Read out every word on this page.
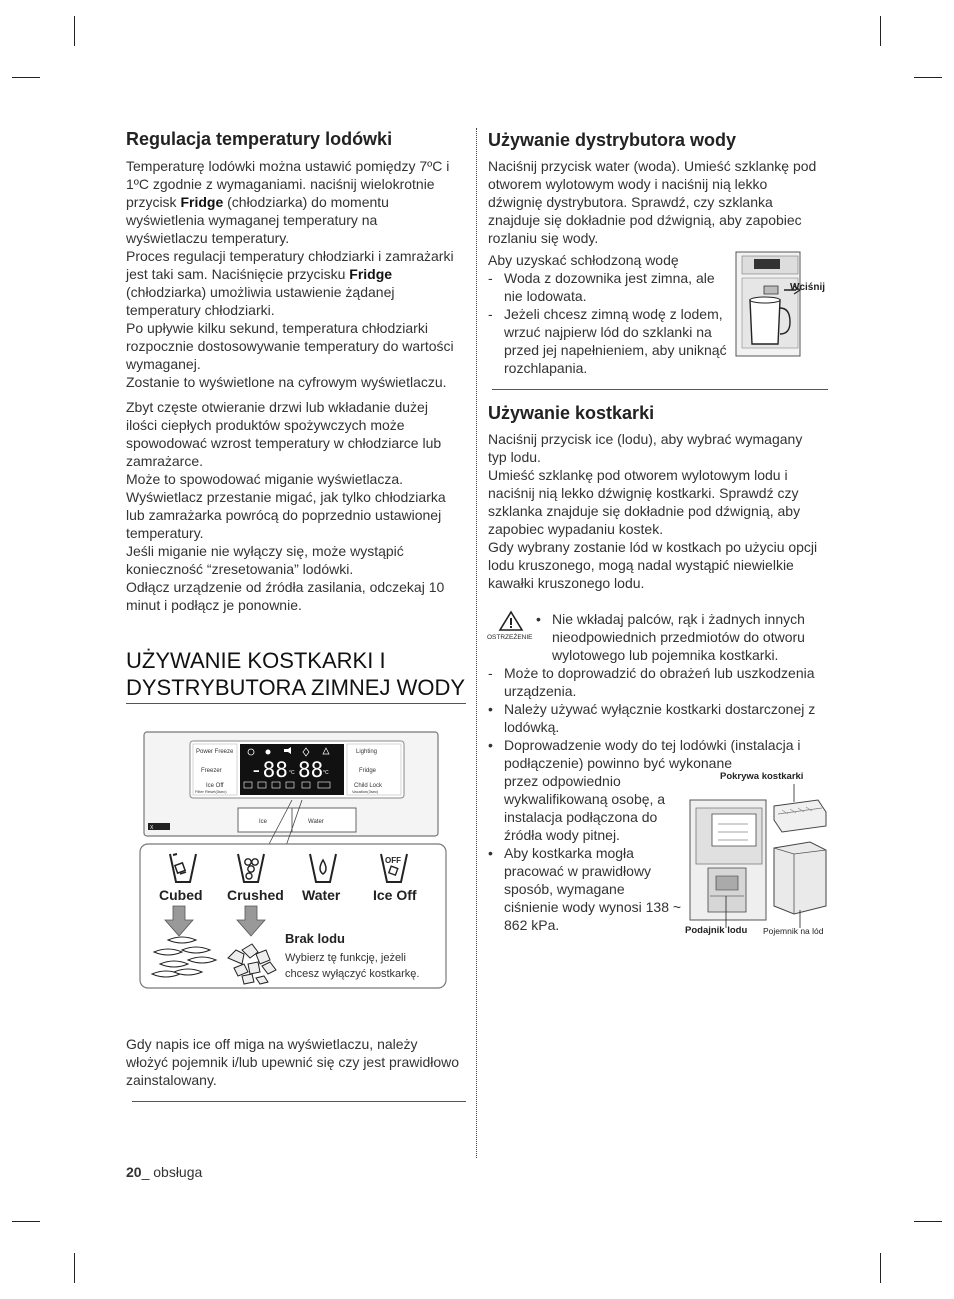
Regulacja temperatury lodówki

Temperaturę lodówki można ustawić pomiędzy 7ºC i 1ºC zgodnie z wymaganiami. naciśnij wielokrotnie przycisk Fridge (chłodziarka) do momentu wyświetlenia wymaganej temperatury na wyświetlaczu temperatury.

Proces regulacji temperatury chłodziarki i zamrażarki jest taki sam. Naciśnięcie przycisku Fridge (chłodziarka) umożliwia ustawienie żądanej temperatury chłodziarki.

Po upływie kilku sekund, temperatura chłodziarki rozpocznie dostosowywanie temperatury do wartości wymaganej.

Zostanie to wyświetlone na cyfrowym wyświetlaczu.

Zbyt częste otwieranie drzwi lub wkładanie dużej ilości ciepłych produktów spożywczych może spowodować wzrost temperatury w chłodziarce lub zamrażarce.

Może to spowodować miganie wyświetlacza.

Wyświetlacz przestanie migać, jak tylko chłodziarka lub zamrażarka powrócą do poprzednio ustawionej temperatury.

Jeśli miganie nie wyłączy się, może wystąpić konieczność “zresetowania” lodówki.

Odłącz urządzenie od źródła zasilania, odczekaj 10 minut i podłącz je ponownie.

UŻYWANIE KOSTKARKI I
DYSTRYBUTORA ZIMNEJ WODY
Power Freeze
Freezer
Ice Off
Filter Reset(3sec)
-88 88
°C	°C
Lighting
Fridge
Child Lock
Vacation(3sec)
Ice	Water
X
Cubed Crushed Water
OFF
Ice Off
Brak lodu
Wybierz tę funkcję, jeżeli
chcesz wyłączyć kostkarkę.
Gdy napis ice off miga na wyświetlaczu, należy włożyć pojemnik i/lub upewnić się czy jest prawidłowo zainstalowany.
Używanie dystrybutora wody
Naciśnij przycisk water (woda). Umieść szklankę pod otworem wylotowym wody i naciśnij nią lekko dźwignię dystrybutora. Sprawdź, czy szklanka znajduje się dokładnie pod dźwignią, aby zapobiec rozlaniu się wody.

Aby uzyskać schłodzoną wodę

- Woda z dozownika jest zimna, ale nie lodowata.
- Jeżeli chcesz zimną wodę z lodem, wrzuć najpierw lód do szklanki na przed jej napełnieniem, aby uniknąć rozchlapania.
Wciśnij
Używanie kostkarki

Naciśnij przycisk ice (lodu), aby wybrać wymagany typ lodu.

Umieść szklankę pod otworem wylotowym lodu i naciśnij nią lekko dźwignię kostkarki. Sprawdź czy szklanka znajduje się dokładnie pod dźwignią, aby zapobiec wypadaniu kostek.

Gdy wybrany zostanie lód w kostkach po użyciu opcji lodu kruszonego, mogą nadal wystąpić niewielkie kawałki kruszonego lodu.

OSTRZEŻENIE
• Nie wkładaj palców, rąk i żadnych innych nieodpowiednich przedmiotów do otworu wylotowego lub pojemnika kostkarki.
- Może to doprowadzić do obrażeń lub uszkodzenia urządzenia.
• Należy używać wyłącznie kostkarki dostarczonej z lodówką.
• Doprowadzenie wody do tej lodówki (instalacja i podłączenie) powinno być wykonane

przez odpowiednio wykwalifikowaną osobę, a instalacja podłączona do źródła wody pitnej.

• Aby kostkarka mogła pracować w prawidłowy sposób, wymagane ciśnienie wody wynosi 138 ~ 862 kPa.
Pokrywa kostkarki
Podajnik lodu Pojemnik na lód
20_ obsługa
